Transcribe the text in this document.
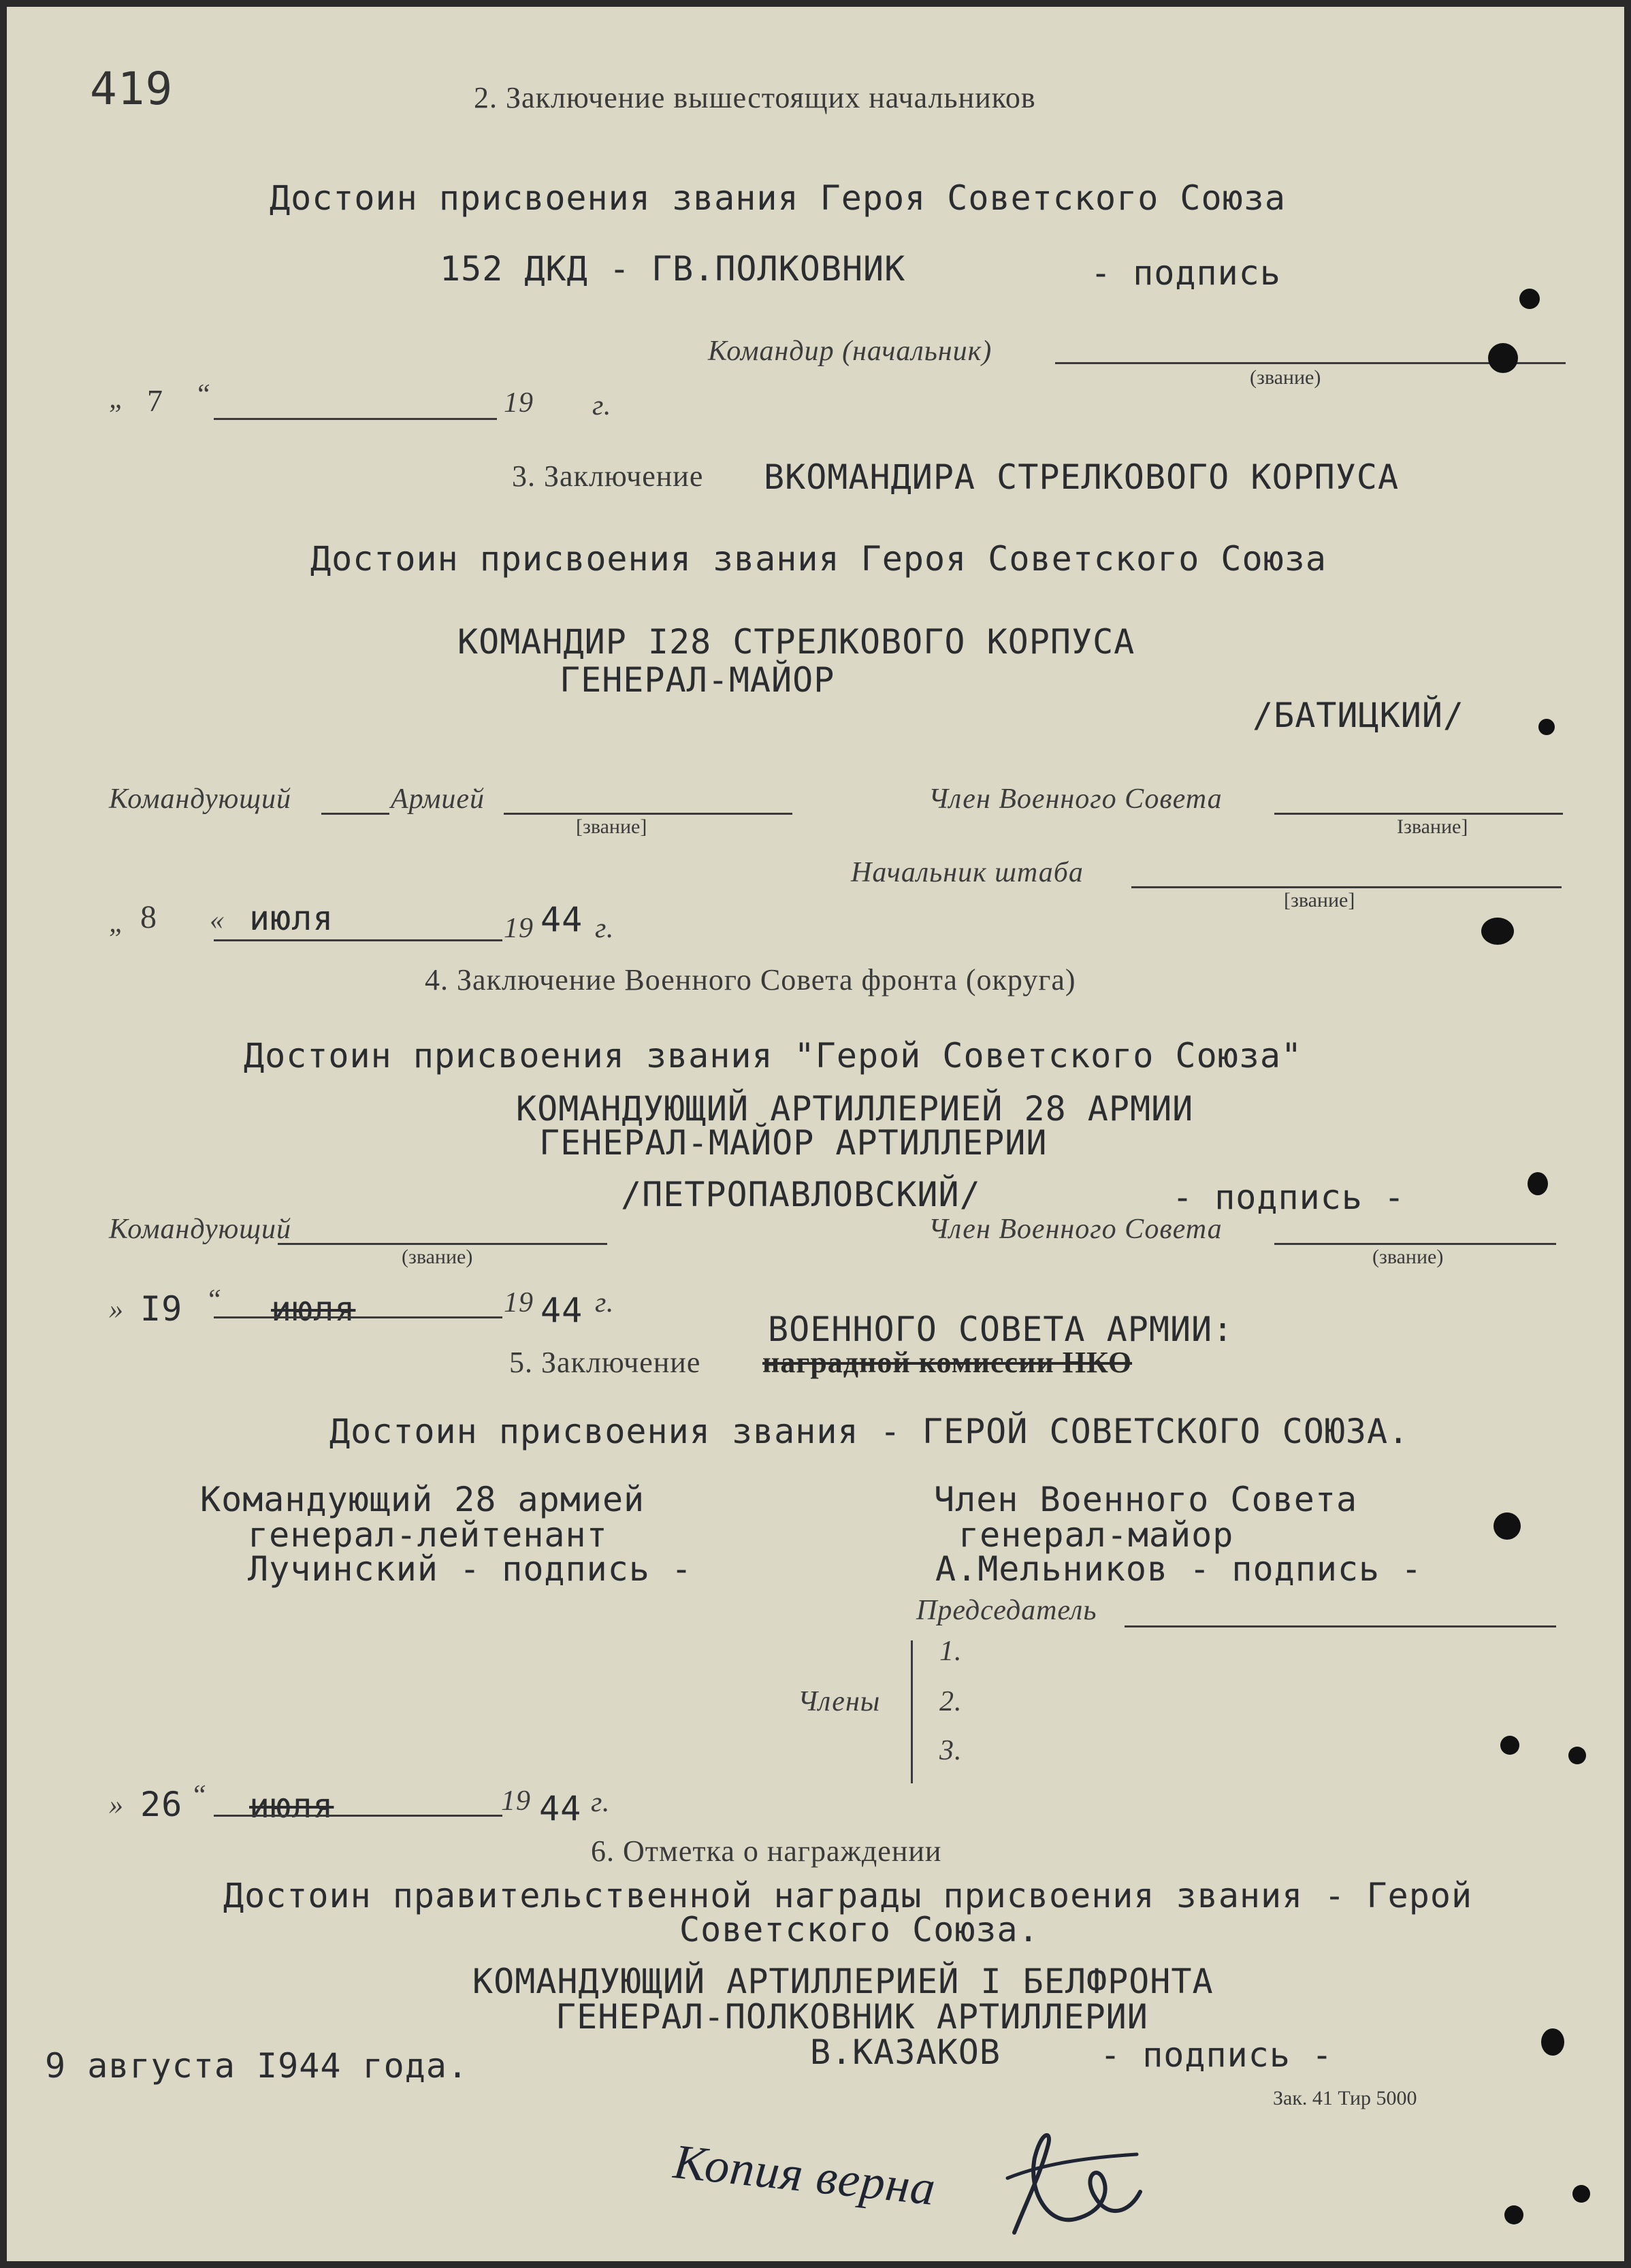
419	2. Заключение вышестоящих начальников
Достоин присвоения звания Героя Советского Союза
152 ДКД - ГВ.ПОЛКОВНИК	- подпись
Командир (начальник)
(звание)
„ 7 “	19 г.
3. Заключение ВКОМАНДИРА СТРЕЛКОВОГО КОРПУСА
Достоин присвоения звания Героя Советского Союза
КОМАНДИР I28 СТРЕЛКОВОГО КОРПУСА
ГЕНЕРАЛ-МАЙОР
/БАТИЦКИЙ/
Командующий	Армией
[звание]
Член Военного Совета
Iзвание]
Начальник штаба
[звание]
„ 8 « июля	19 44 г.
4. Заключение Военного Совета фронта (округа)
Достоин присвоения звания "Герой Советского Союза"
КОМАНДУЮЩИЙ АРТИЛЛЕРИЕЙ 28 АРМИИ
ГЕНЕРАЛ-МАЙОР АРТИЛЛЕРИИ
/ПЕТРОПАВЛОВСКИЙ/	- подпись -
Командующий
(звание)
Член Военного Совета
(звание)
» I9 “ июля	19 44 г.
ВОЕННОГО СОВЕТА АРМИИ:
5. Заключение наградной комиссии НКО
Достоин присвоения звания - ГЕРОЙ СОВЕТСКОГО СОЮЗА.
Командующий 28 армией
генерал-лейтенант
Лучинский - подпись -
Член Военного Совета
генерал-майор
А.Мельников - подпись -
Председатель
1.
Члены 2.
3.
» 26 “ июля	19 44 г.
6. Отметка о награждении
Достоин правительственной награды присвоения звания - Герой
Советского Союза.
КОМАНДУЮЩИЙ АРТИЛЛЕРИЕЙ I БЕЛФРОНТА
ГЕНЕРАЛ-ПОЛКОВНИК АРТИЛЛЕРИИ
В.КАЗАКОВ	- подпись -
9 августа I944 года.
Зак. 41 Тир 5000
Копия верна
